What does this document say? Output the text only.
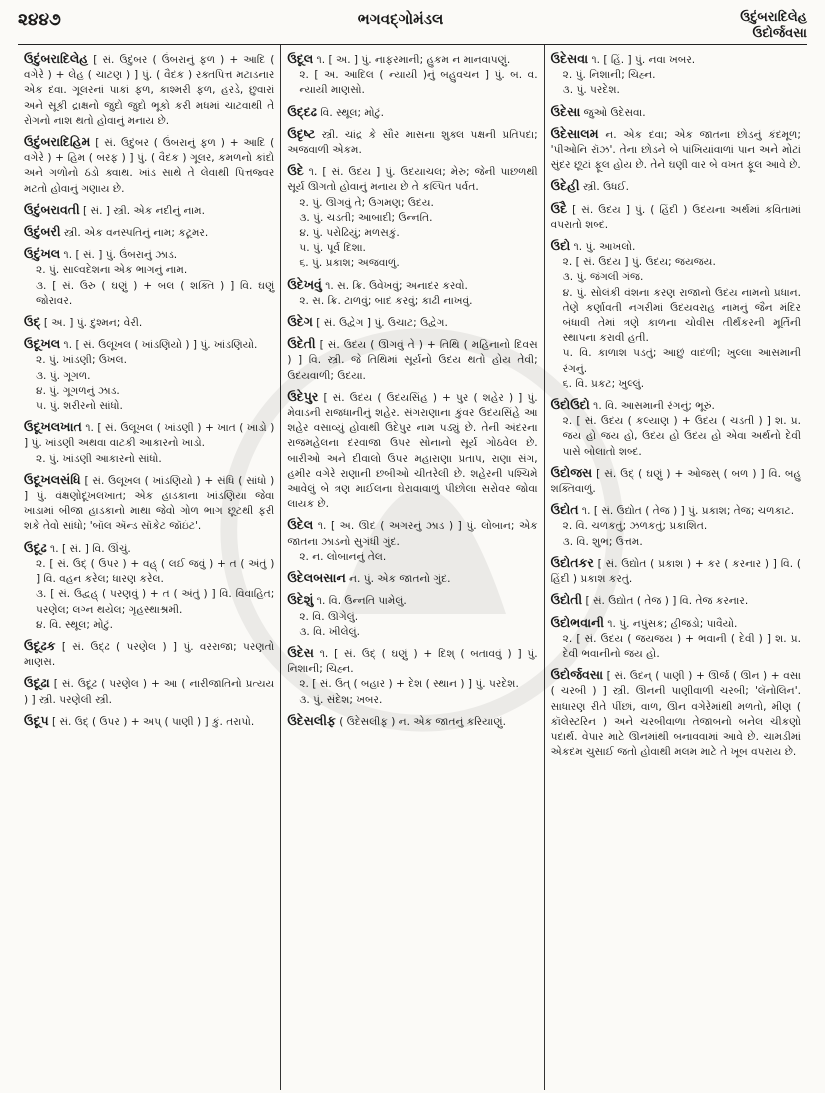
૨૪૪૭	ભગવદ્ગોમંડલ	ઉદુંબરાદિલેહ
ઉદોર્જવસા
ઉદુંબરાદિલેહ [ સં. ઉદુંબર ( ઉંબરાનું ફળ ) + આદિ ( વગેરે ) + લેહ ( ચાટણ ) ] પું. ( વૈદક ) રક્તપિત્ત મટાડનાર એક દવા. ગૂલરનાં પાકાં ફળ, કાશ્મરી ફળ, હરડે, છુવારાં અને સૂકી દ્રાક્ષનો જુદો જુદો ભૂકો કરી મધમાં ચાટવાથી તે રોગનો નાશ થતો હોવાનું મનાય છે.
ઉદુંબરાદિહિમ [ સં. ઉદુંબર ( ઉંબરાનું ફળ ) + આદિ ( વગેરે ) + હિમ ( બરફ ) ] પું. ( વૈદક ) ગૂલર, કમળનો કાંદો અને ગળોનો ઠંડો ક્વાથ. ખાંડ સાથે તે લેવાથી પિત્તજ્વર મટતો હોવાનું ગણાય છે.
ઉદુંબરાવતી [ સં. ] સ્ત્રી. એક નદીનું નામ.
ઉદુંબરી સ્ત્રી. એક વનસ્પતિનું નામ; કટૂમર.
ઉદુંખલ ૧. [ સં. ] પું. ઉંબરાનું ઝાડ.
૨. પું. સાલ્વદેશના એક ભાગનું નામ.
૩. [ સં. ઉરુ ( ઘણું ) + બલ ( શક્તિ ) ] વિ. ઘણું જોરાવર.
ઉદ્ [ અ. ] પું. દુશ્મન; વેરી.
ઉદૂખલ ૧. [ સં. ઉલૂખલ ( ખાંડણિયો ) ] પું. ખાંડણિયો.
૨. પું. ખાંડણી; ઉખલ.
૩. પું. ગૂગળ.
૪. પું. ગૂગળનું ઝાડ.
૫. પું. શરીરનો સાંધો.
ઉદૂખલખાત ૧. [ સં. ઉલૂખલ ( ખાંડણી ) + ખાત ( ખાડો ) ] પું. ખાંડણી અથવા વાટકી આકારનો ખાડો.
૨. પું. ખાંડણી આકારનો સાંધો.
ઉદૂખલસંધિ [ સં. ઉલૂખલ ( ખાંડણિયો ) + સંધિ ( સાંધો ) ] પું. વંક્ષણોદૂખલખાત; એક હાડકાના ખાંડણિયા જેવા ખાડામાં બીજા હાડકાનો માથા જેવો ગોળ ભાગ છૂટથી ફરી શકે તેવો સાંધો; 'બૉલ ઍન્ડ સૉકેટ જૉઇંટ'.
ઉદૂઢ ૧. [ સં. ] વિ. ઊંચું.
૨. [ સં. ઉદ્ ( ઉપર ) + વહ્ ( લઈ જવું ) + ત ( અંતું ) ] વિ. વહન કરેલ; ધારણ કરેલ.
૩. [ સં. ઉદ્વહ્ ( પરણવું ) + ત ( અંતું ) ] વિ. વિવાહિત; પરણેલ; લગ્ન થયેલ; ગૃહસ્થાશ્રમી.
૪. વિ. સ્થૂલ; મોટું.
ઉદૂઢક [ સં. ઉદ્ઢ ( પરણેલ ) ] પું. વરરાજા; પરણતો માણસ.
ઉદૂઢા [ સં. ઉદૂઢ ( પરણેલ ) + આ ( નારીજાતિનો પ્રત્યય ) ] સ્ત્રી. પરણેલી સ્ત્રી.
ઉદૂપ [ સં. ઉદ્ ( ઉપર ) + અપ્ ( પાણી ) ] કું. તરાપો.
ઉદૂલ ૧. [ અ. ] પું. નાફરમાની; હુકમ ન માનવાપણું.
૨. [ અ. આદિલ ( ન્યાયી )નું બહુવચન ] પું. બ. વ. ન્યાયી માણસો.
ઉદ્દઢ વિ. સ્થૂલ; મોટું.
ઉદૃષ્ટ સ્ત્રી. ચાંદ્ર કે સૌર માસના શુક્લ પક્ષની પ્રતિપદા; અજવાળી એકમ.
ઉદે ૧. [ સં. ઉદય ] પું. ઉદયાચલ; મેરુ; જેની પાછળથી સૂર્ય ઊગતો હોવાનું મનાય છે તે કલ્પિત પર્વત.
૨. પું. ઊગવું તે; ઉગમણ; ઉદય.
૩. પું. ચડતી; આબાદી; ઉન્નતિ.
૪. પું. પરોઢિયું; મળસકું.
૫. પું. પૂર્વ દિશા.
૬. પું. પ્રકાશ; અજવાળું.
ઉદેખવું ૧. સ. ક્રિ. ઉવેખવું; અનાદર કરવો.
૨. સ. ક્રિ. ટાળવું; બાદ કરવું; કાઢી નાખવું.
ઉદેગ [ સં. ઉદ્વેગ ] પું. ઉચાટ; ઉદ્વેગ.
ઉદેતી [ સં. ઉદય ( ઊગવું તે ) + તિથિ ( મહિનાનો દિવસ ) ] વિ. સ્ત્રી. જે તિથિમાં સૂર્યનો ઉદય થતો હોય તેવી; ઉદયવાળી; ઉદયા.
ઉદેપુર [ સં. ઉદય ( ઉદયસિંહ ) + પુર ( શહેર ) ] પું. મેવાડની રાજધાનીનું શહેર. સંગરાણાના કુંવર ઉદયસિંહે આ શહેર વસાવ્યું હોવાથી ઉદેપુર નામ પડ્યું છે. તેની અંદરના રાજમહેલના દરવાજા ઉપર સોનાનો સૂર્ય ગોઠવેલ છે. બારીઓ અને દીવાલો ઉપર મહારાણા પ્રતાપ, રાણા સંગ, હમીર વગેરે રાણાની છબીઓ ચીતરેલી છે. શહેરની પશ્ચિમે આવેલું બે ત્રણ માઈલના ઘેરાવાવાળું પીછોલા સરોવર જોવા લાયક છે.
ઉદેલ ૧. [ અ. ઊદ ( અગરનું ઝાડ ) ] પું. લોબાન; એક જાતના ઝાડનો સુગંધી ગુંદ.
૨. ન. લોબાનનું તેલ.
ઉદેલબસાન ન. પું. એક જાતનો ગુંદ.
ઉદેશું ૧. વિ. ઉન્નતિ પામેલું.
૨. વિ. ઊગેલું.
૩. વિ. ખીલેલું.
ઉદેસ ૧. [ સં. ઉદ્ ( ઘણું ) + દિશ્ ( બતાવવું ) ] પું. નિશાની; ચિહ્ન.
૨. [ સં. ઉત્ ( બહાર ) + દેશ ( સ્થાન ) ] પું. પરદેશ.
૩. પું. સંદેશ; ખબર.
ઉદેસલીફ ( ઉદેસલીફ ) ન. એક જાતનું કરિયાણું.
ઉદેસવા ૧. [ હિં. ] પું. નવા ખબર.
૨. પું. નિશાની; ચિહ્ન.
૩. પું. પરદેશ.
ઉદેસા જુઓ ઉદેસવા.
ઉદેસાલમ ન. એક દવા; એક જાતના છોડનું કંદમૂળ; 'પીઓનિ રૉઝ'. તેના છોડને બે પાંખિયાંવાળાં પાન અને મોટાં સુંદર છૂટાં ફૂલ હોય છે. તેને ઘણી વાર બે વખત ફૂલ આવે છે.
ઉદેહી સ્ત્રી. ઉધઈ.
ઉદૈ [ સં. ઉદય ] પું. ( હિંદી ) ઉદયના અર્થમાં કવિતામાં વપરાતો શબ્દ.
ઉદો ૧. પું. આખલો.
૨. [ સં. ઉદય ] પું. ઉદય; જયજય.
૩. પું. જંગલી ગંજ.
૪. પું. સોલંકી વંશના કરણ રાજાનો ઉદય નામનો પ્રધાન. તેણે કર્ણાવતી નગરીમાં ઉદયવરાહ નામનું જૈન મંદિર બંધાવી તેમાં ત્રણે કાળના ચોવીસ તીર્થંકરની મૂર્તિની સ્થાપના કરાવી હતી.
૫. વિ. કાળાશ પડતું; આછું વાદળી; ખુલ્લા આસમાની રંગનું.
૬. વિ. પ્રકટ; ખુલ્લું.
ઉદોઉદો ૧. વિ. આસમાની રંગનું; ભૂરું.
૨. [ સં. ઉદય ( કલ્યાણ ) + ઉદય ( ચડતી ) ] શ. પ્ર. જય હો જય હો, ઉદય હો ઉદય હો એવા અર્થનો દેવી પાસે બોલાતો શબ્દ.
ઉદોજસ [ સં. ઉદ્ ( ઘણું ) + ઓજસ્ ( બળ ) ] વિ. બહુ શક્તિવાળું.
ઉદોત ૧. [ સં. ઉદ્યોત ( તેજ ) ] પું. પ્રકાશ; તેજ; ચળકાટ.
૨. વિ. ચળકતું; ઝળકતું; પ્રકાશિત.
૩. વિ. શુભ; ઉત્તમ.
ઉદોતકર [ સં. ઉદ્યોત ( પ્રકાશ ) + કર ( કરનાર ) ] વિ. ( હિંદી ) પ્રકાશ કરતું.
ઉદોતી [ સં. ઉદ્યોત ( તેજ ) ] વિ. તેજ કરનાર.
ઉદોભવાની ૧. પું. નપુંસક; હીજડો; પાવૈયો.
૨. [ સં. ઉદય ( જયજય ) + ભવાની ( દેવી ) ] શ. પ્ર. દેવી ભવાનીનો જય હો.
ઉદોર્જવસા [ સં. ઉદન્ ( પાણી ) + ઊર્જ ( ઊન ) + વસા ( ચરબી ) ] સ્ત્રી. ઊનની પાણીવાળી ચરબી; 'લૅનોલિન'. સાધારણ રીતે પીંછાં, વાળ, ઊન વગેરેમાંથી મળતો, મીણ ( કૉલેસ્ટરિન ) અને ચરબીવાળા તેજાબનો બનેલ ચીકણો પદાર્થ. વેપાર માટે ઊનમાંથી બનાવવામાં આવે છે. ચામડીમાં એકદમ ચુસાઈ જતો હોવાથી મલમ માટે તે ખૂબ વપરાય છે.
